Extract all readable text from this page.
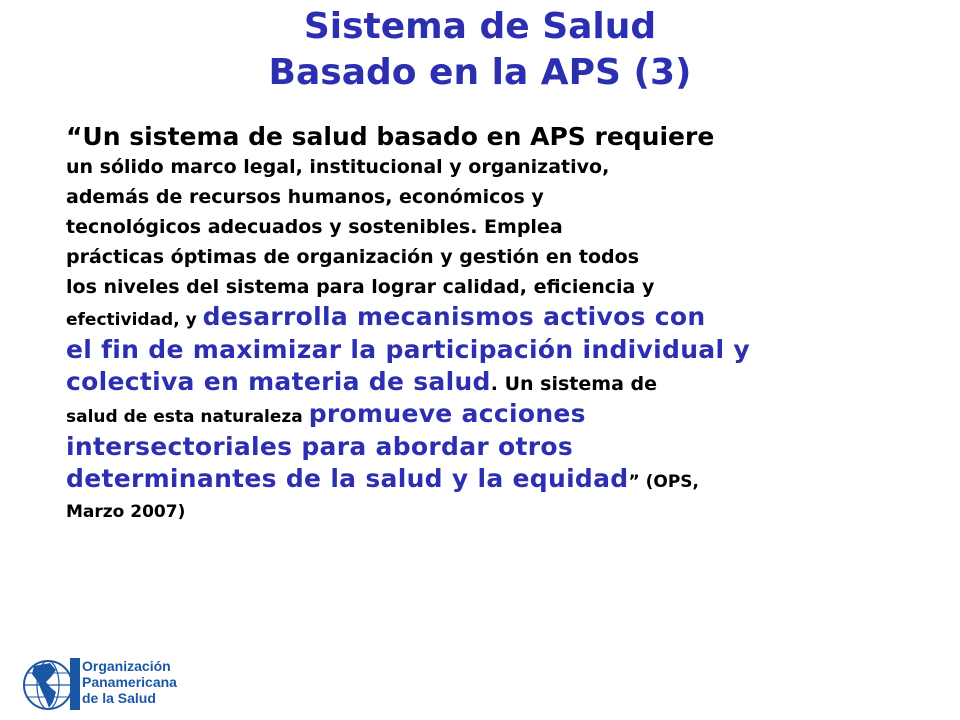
Sistema de Salud
Basado en la APS (3)
“Un sistema de salud basado en APS requiere
un sólido marco legal, institucional y organizativo,
además de recursos humanos, económicos y
tecnológicos adecuados y sostenibles. Emplea
prácticas óptimas de organización y gestión en todos
los niveles del sistema para lograr calidad, eficiencia y
efectividad, y desarrolla mecanismos activos con
el fin de maximizar la participación individual y
colectiva en materia de salud. Un sistema de
salud de esta naturaleza promueve acciones
intersectoriales para abordar otros
determinantes de la salud y la equidad” (OPS,
Marzo 2007)
Organización
Panamericana
de la Salud
